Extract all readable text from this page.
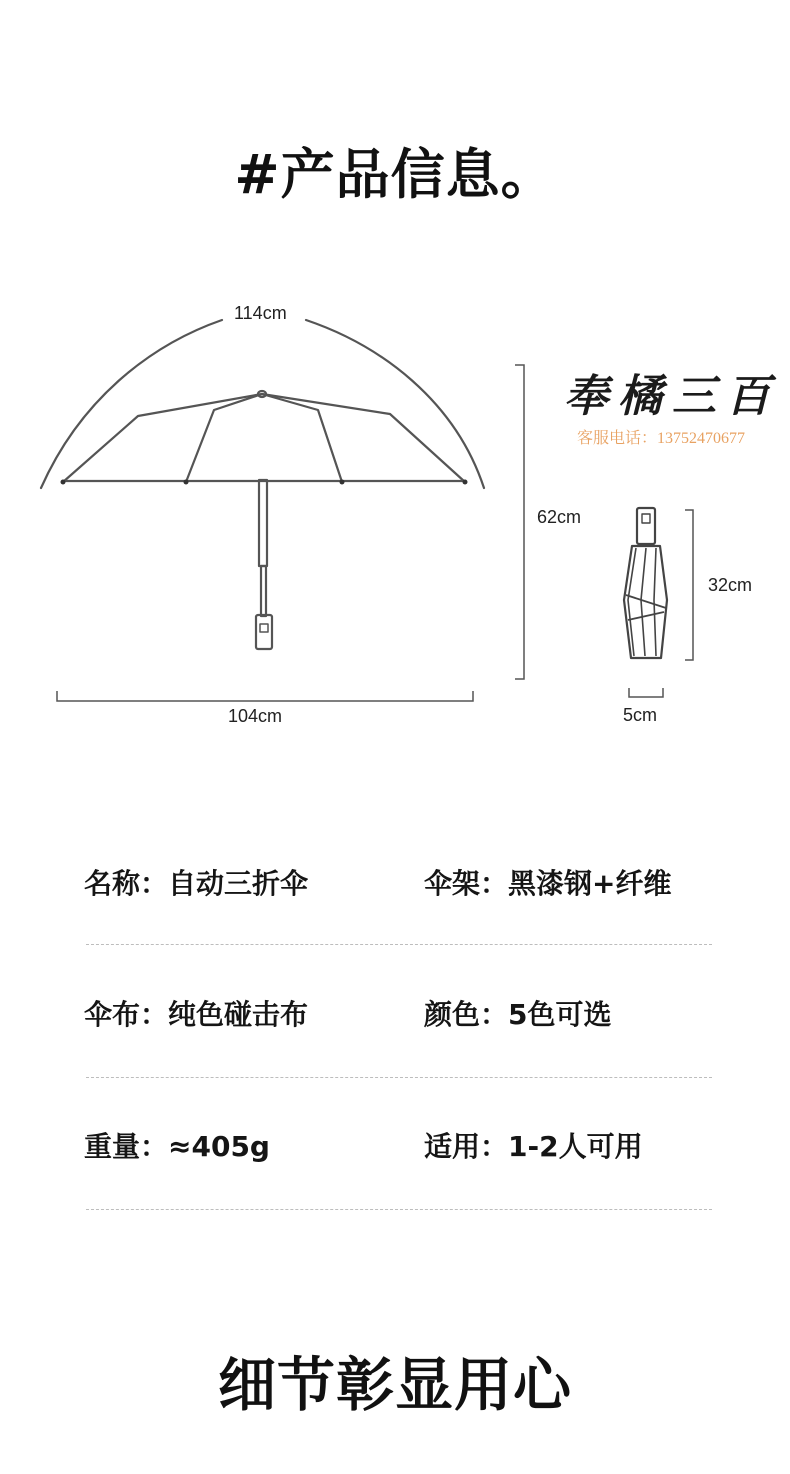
#产品信息。
114cm
104cm
62cm
32cm
5cm
奉橘三百
客服电话：13752470677
名称：自动三折伞	伞架：黑漆钢+纤维
伞布：纯色碰击布	颜色：5色可选
重量：≈405g	适用：1-2人可用
细节彰显用心
